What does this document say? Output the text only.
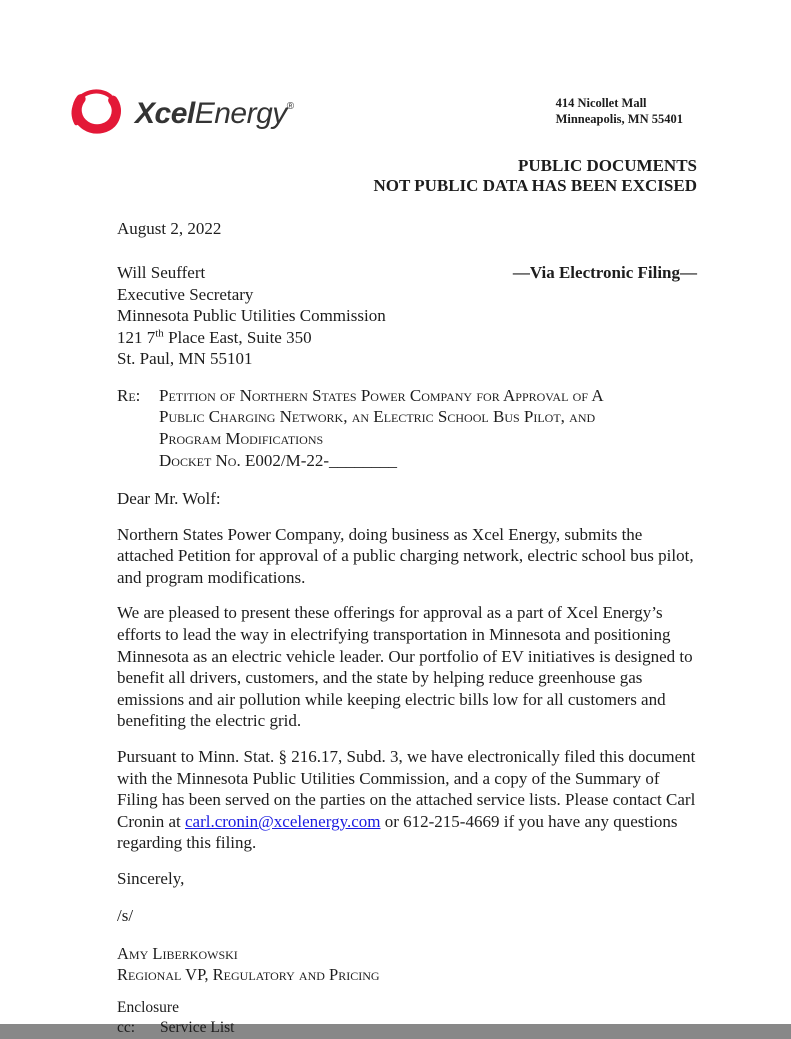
XcelEnergy®	414 Nicollet Mall
Minneapolis, MN 55401
PUBLIC DOCUMENTS
NOT PUBLIC DATA HAS BEEN EXCISED
August 2, 2022
—Via Electronic Filing—
Will Seuffert
Executive Secretary
Minnesota Public Utilities Commission
121 7th Place East, Suite 350
St. Paul, MN 55101
Re:	Petition of Northern States Power Company for Approval of A
Public Charging Network, an Electric School Bus Pilot, and
Program Modifications
Docket No. E002/M-22-________
Dear Mr. Wolf:
Northern States Power Company, doing business as Xcel Energy, submits the attached Petition for approval of a public charging network, electric school bus pilot, and program modifications.
We are pleased to present these offerings for approval as a part of Xcel Energy’s efforts to lead the way in electrifying transportation in Minnesota and positioning Minnesota as an electric vehicle leader. Our portfolio of EV initiatives is designed to benefit all drivers, customers, and the state by helping reduce greenhouse gas emissions and air pollution while keeping electric bills low for all customers and benefiting the electric grid.
Pursuant to Minn. Stat. § 216.17, Subd. 3, we have electronically filed this document with the Minnesota Public Utilities Commission, and a copy of the Summary of Filing has been served on the parties on the attached service lists. Please contact Carl Cronin at carl.cronin@xcelenergy.com or 612-215-4669 if you have any questions regarding this filing.
Sincerely,
/s/
Amy Liberkowski
Regional VP, Regulatory and Pricing
Enclosure
cc:	Service List
